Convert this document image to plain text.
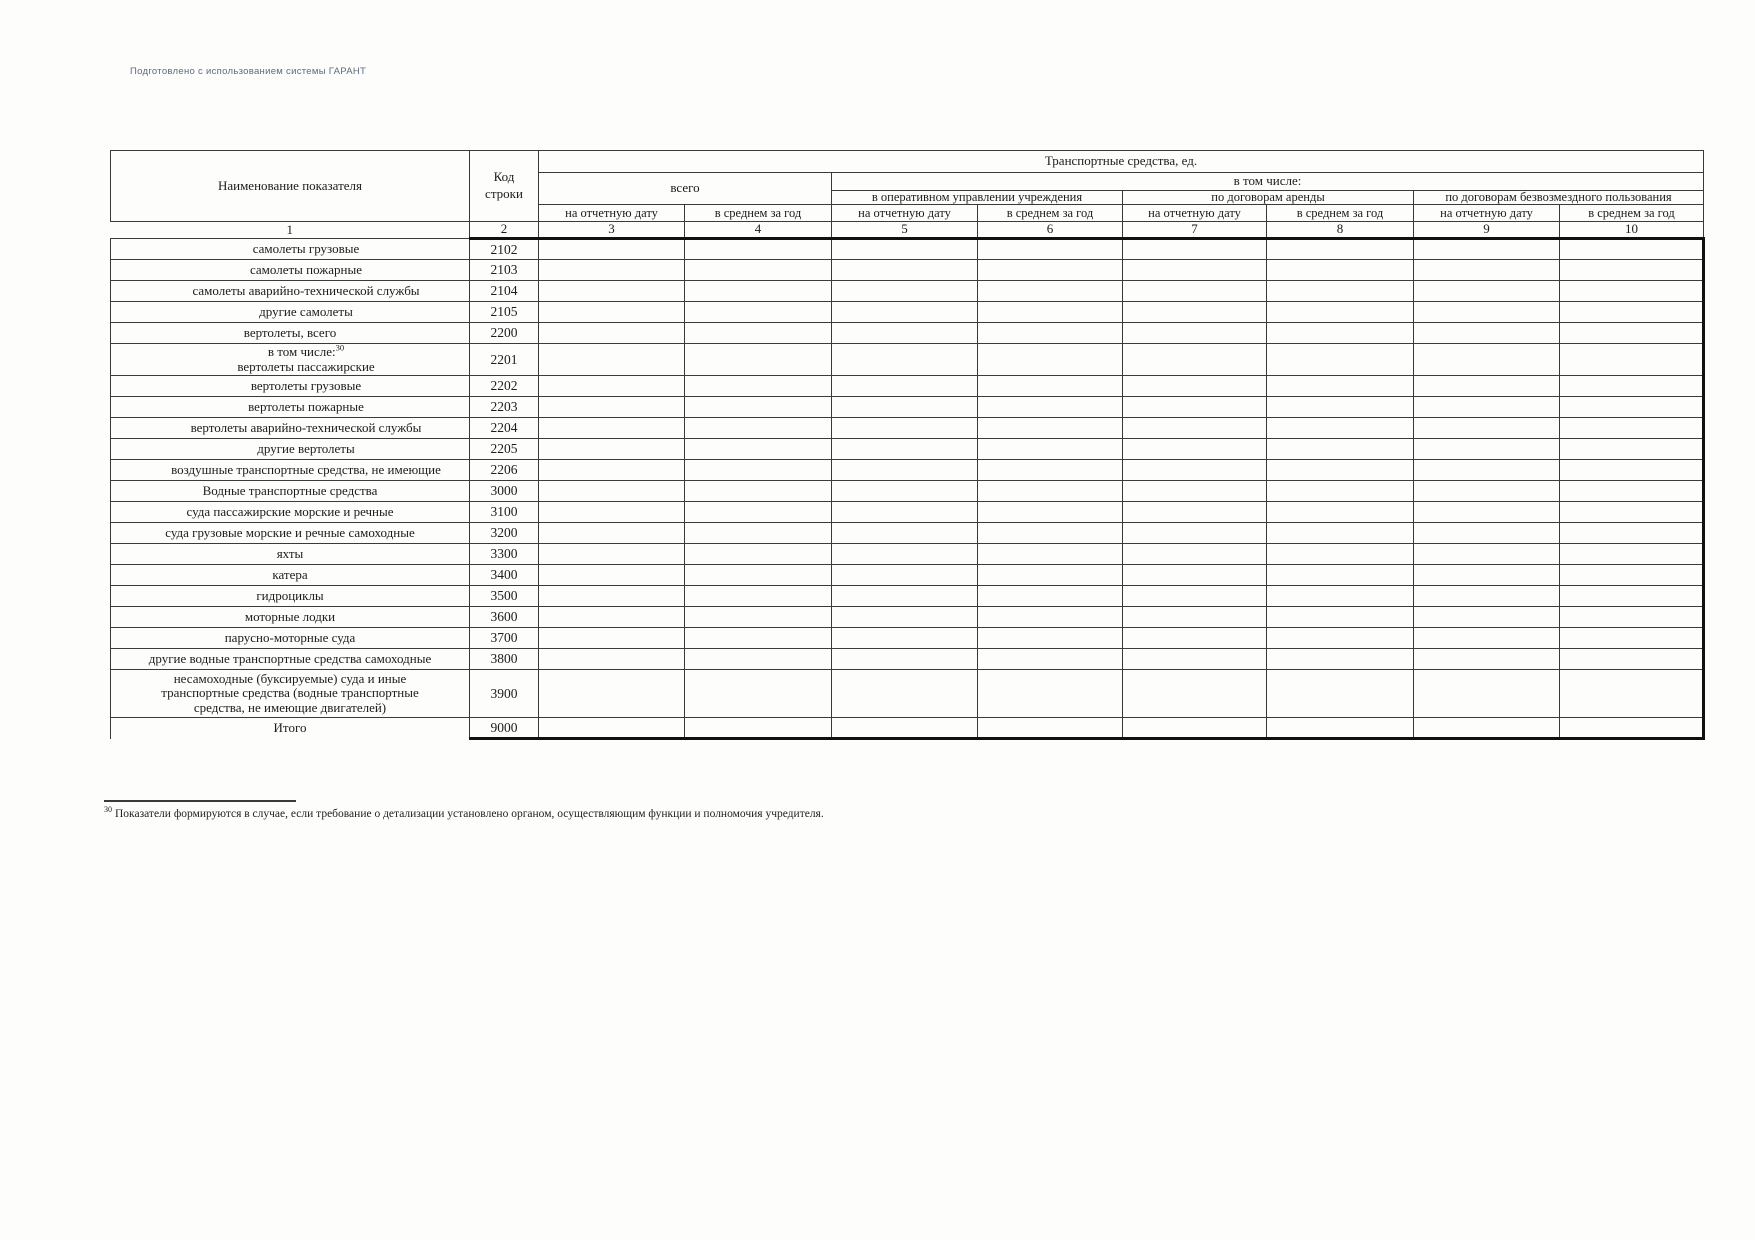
Подготовлено с использованием системы ГАРАНТ
Наименование показателя	Код
строки	Транспортные средства, ед.							
		всего		в том числе:					
				в оперативном управлении учреждения		по договорам аренды		по договорам безвозмездного пользования	
		на отчетную дату	в среднем за год	на отчетную дату	в среднем за год	на отчетную дату	в среднем за год	на отчетную дату	в среднем за год
1	2	3	4	5	6	7	8	9	10
самолеты грузовые	2102								
самолеты пожарные	2103								
самолеты аварийно-технической службы	2104								
другие самолеты	2105								
вертолеты, всего	2200								

в том числе:$^{30}$
вертолеты пассажирские	2201								
вертолеты грузовые	2202								
вертолеты пожарные	2203								
вертолеты аварийно-технической службы	2204								
другие вертолеты	2205								
воздушные транспортные средства, не имеющие	2206								
Водные транспортные средства	3000								
суда пассажирские морские и речные	3100								
суда грузовые морские и речные самоходные	3200								
яхты	3300								
катера	3400								
гидроциклы	3500								
моторные лодки	3600								
парусно-моторные суда	3700								
другие водные транспортные средства самоходные	3800								

несамоходные (буксируемые) суда и иные
транспортные средства (водные транспортные
средства, не имеющие двигателей)	3900								
Итого	9000								
$^{30}$ Показатели формируются в случае, если требование о детализации установлено органом, осуществляющим функции и полномочия учредителя.
